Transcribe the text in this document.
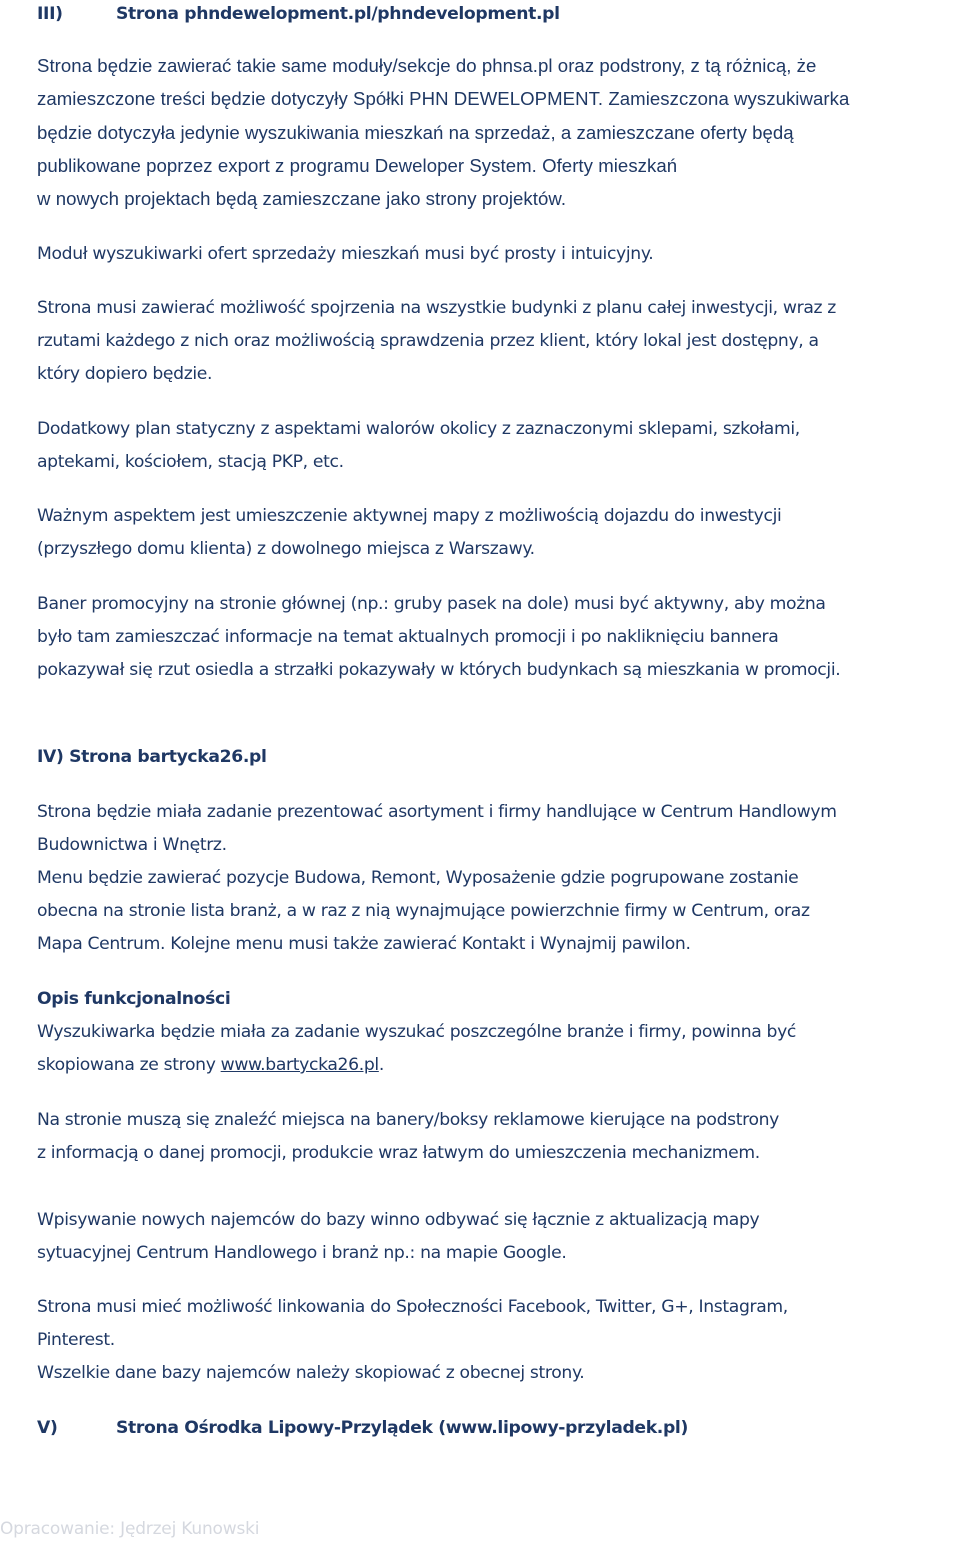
III)	Strona phndewelopment.pl/phndevelopment.pl
Strona będzie zawierać takie same moduły/sekcje do phnsa.pl oraz podstrony, z tą różnicą, że
zamieszczone treści będzie dotyczyły Spółki PHN DEWELOPMENT. Zamieszczona wyszukiwarka
będzie dotyczyła jedynie wyszukiwania mieszkań na sprzedaż, a zamieszczane oferty będą
publikowane poprzez export z programu Deweloper System. Oferty mieszkań
w nowych projektach będą zamieszczane jako strony projektów.
Moduł wyszukiwarki ofert sprzedaży mieszkań musi być prosty i intuicyjny.
Strona musi zawierać możliwość spojrzenia na wszystkie budynki z planu całej inwestycji, wraz z
rzutami każdego z nich oraz możliwością sprawdzenia przez klient, który lokal jest dostępny, a
który dopiero będzie.
Dodatkowy plan statyczny z aspektami walorów okolicy z zaznaczonymi sklepami, szkołami,
aptekami, kościołem, stacją PKP, etc.
Ważnym aspektem jest umieszczenie aktywnej mapy z możliwością dojazdu do inwestycji
(przyszłego domu klienta) z dowolnego miejsca z Warszawy.
Baner promocyjny na stronie głównej (np.: gruby pasek na dole) musi być aktywny, aby można
było tam zamieszczać informacje na temat aktualnych promocji i po nakliknięciu bannera
pokazywał się rzut osiedla a strzałki pokazywały w których budynkach są mieszkania w promocji.
IV) Strona bartycka26.pl
Strona będzie miała zadanie prezentować asortyment i firmy handlujące w Centrum Handlowym
Budownictwa i Wnętrz.
Menu będzie zawierać pozycje Budowa, Remont, Wyposażenie gdzie pogrupowane zostanie
obecna na stronie lista branż, a w raz z nią wynajmujące powierzchnie firmy w Centrum, oraz
Mapa Centrum. Kolejne menu musi także zawierać Kontakt i Wynajmij pawilon.
Opis funkcjonalności
Wyszukiwarka będzie miała za zadanie wyszukać poszczególne branże i firmy, powinna być
skopiowana ze strony www.bartycka26.pl.
Na stronie muszą się znaleźć miejsca na banery/boksy reklamowe kierujące na podstrony
z informacją o danej promocji, produkcie wraz łatwym do umieszczenia mechanizmem.
Wpisywanie nowych najemców do bazy winno odbywać się łącznie z aktualizacją mapy
sytuacyjnej Centrum Handlowego i branż np.: na mapie Google.
Strona musi mieć możliwość linkowania do Społeczności Facebook, Twitter, G+, Instagram,
Pinterest.
Wszelkie dane bazy najemców należy skopiować z obecnej strony.
V)	Strona Ośrodka Lipowy-Przylądek (www.lipowy-przyladek.pl)
Opracowanie: Jędrzej Kunowski
